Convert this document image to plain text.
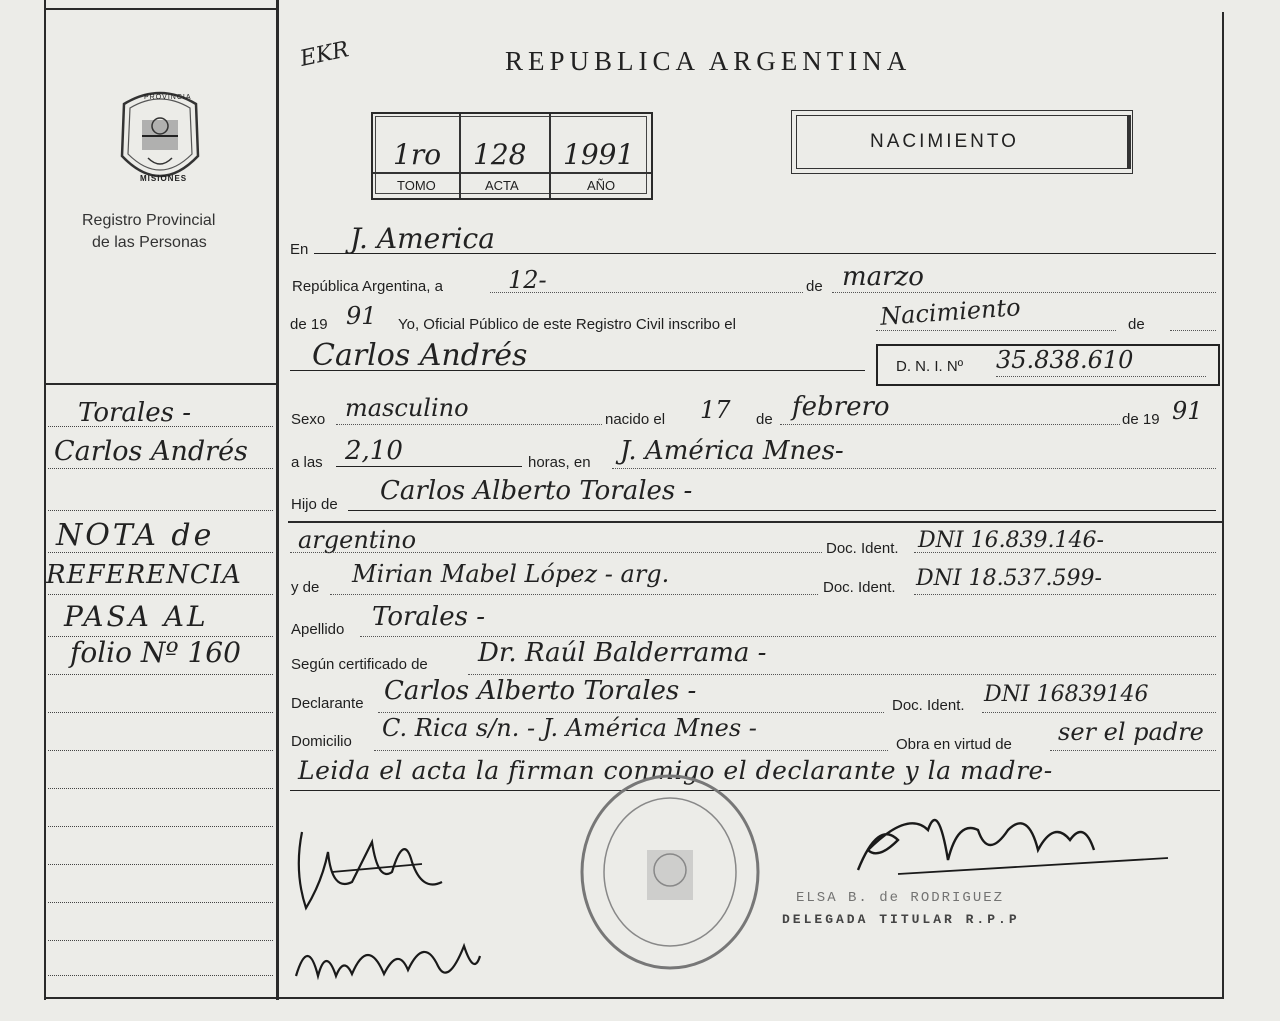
EKR	REPUBLICA ARGENTINA
PROVINCIA
MISIONES
Registro Provincial
de las Personas
1ro 128 1991
TOMO	ACTA	AÑO
NACIMIENTO
En J. America
República Argentina, a	12-	de marzo
de 19 91 Yo, Oficial Público de este Registro Civil inscribo el	Nacimiento	de
Carlos Andrés	D. N. I. Nº 35.838.610
Sexo masculino	nacido el 17 de febrero	de 19 91
a las 2,10	horas, en J. América Mnes-
Hijo de Carlos Alberto Torales -
argentino	Doc. Ident. DNI 16.839.146-
y de Mirian Mabel López - arg.	Doc. Ident. DNI 18.537.599-
Apellido Torales -
Según certificado de Dr. Raúl Balderrama -
Declarante Carlos Alberto Torales -	Doc. Ident. DNI 16839146
Domicilio C. Rica s/n. - J. América Mnes -
Obra en virtud de ser el padre
Leida el acta la firman conmigo el declarante y la madre-
Torales -
Carlos Andrés
NOTA de
REFERENCIA
PASA AL
folio Nº 160
ELSA B. de RODRIGUEZ
DELEGADA TITULAR R.P.P
